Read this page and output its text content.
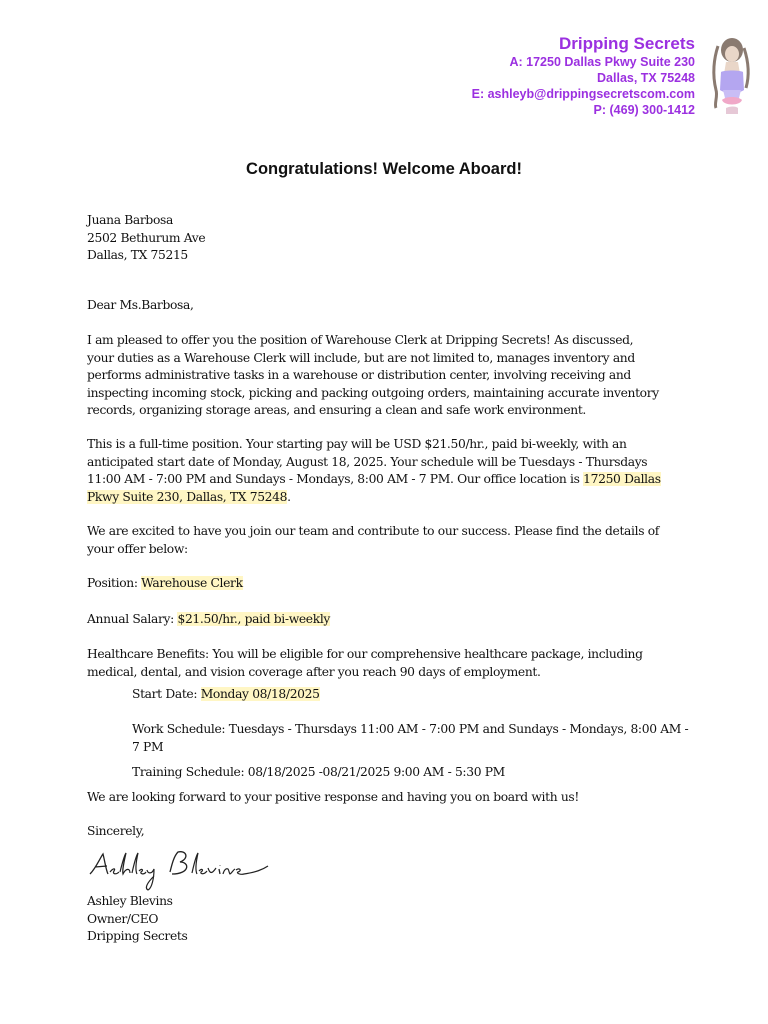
Dripping Secrets
A: 17250 Dallas Pkwy Suite 230
Dallas, TX 75248
E: ashleyb@drippingsecretscom.com
P: (469) 300-1412
Congratulations! Welcome Aboard!
Juana Barbosa
2502 Bethurum Ave
Dallas, TX 75215
Dear Ms.Barbosa,
I am pleased to offer you the position of Warehouse Clerk at Dripping Secrets! As discussed, your duties as a Warehouse Clerk will include, but are not limited to, manages inventory and performs administrative tasks in a warehouse or distribution center, involving receiving and inspecting incoming stock, picking and packing outgoing orders, maintaining accurate inventory records, organizing storage areas, and ensuring a clean and safe work environment.
This is a full-time position. Your starting pay will be USD $21.50/hr., paid bi-weekly, with an anticipated start date of Monday, August 18, 2025. Your schedule will be Tuesdays - Thursdays 11:00 AM - 7:00 PM and Sundays - Mondays, 8:00 AM - 7 PM. Our office location is 17250 Dallas Pkwy Suite 230, Dallas, TX 75248.
We are excited to have you join our team and contribute to our success. Please find the details of your offer below:
Position: Warehouse Clerk
Annual Salary: $21.50/hr., paid bi-weekly
Healthcare Benefits: You will be eligible for our comprehensive healthcare package, including medical, dental, and vision coverage after you reach 90 days of employment.
Start Date: Monday 08/18/2025
Work Schedule: Tuesdays - Thursdays 11:00 AM - 7:00 PM and Sundays - Mondays, 8:00 AM - 7 PM
Training Schedule: 08/18/2025 -08/21/2025 9:00 AM - 5:30 PM
We are looking forward to your positive response and having you on board with us!
Sincerely,
Ashley Blevins
Owner/CEO
Dripping Secrets
